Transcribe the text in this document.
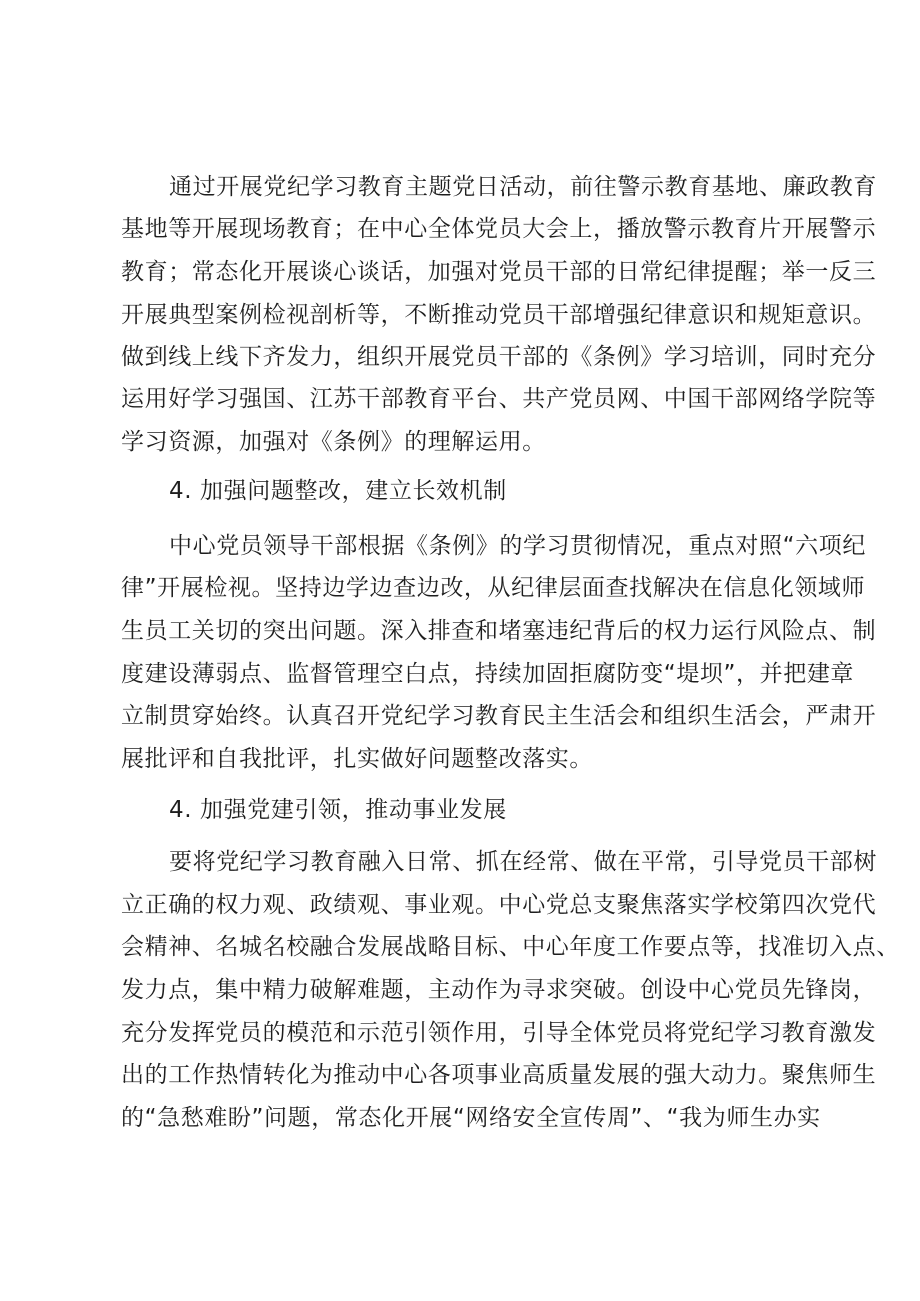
通过开展党纪学习教育主题党日活动，前往警示教育基地、廉政教育
基地等开展现场教育；在中心全体党员大会上，播放警示教育片开展警示
教育；常态化开展谈心谈话，加强对党员干部的日常纪律提醒；举一反三
开展典型案例检视剖析等，不断推动党员干部增强纪律意识和规矩意识。
做到线上线下齐发力，组织开展党员干部的《条例》学习培训，同时充分
运用好学习强国、江苏干部教育平台、共产党员网、中国干部网络学院等
学习资源，加强对《条例》的理解运用。
4. 加强问题整改，建立长效机制
中心党员领导干部根据《条例》的学习贯彻情况，重点对照“六项纪
律”开展检视。坚持边学边查边改，从纪律层面查找解决在信息化领域师
生员工关切的突出问题。深入排查和堵塞违纪背后的权力运行风险点、制
度建设薄弱点、监督管理空白点，持续加固拒腐防变“堤坝”，并把建章
立制贯穿始终。认真召开党纪学习教育民主生活会和组织生活会，严肃开
展批评和自我批评，扎实做好问题整改落实。
4. 加强党建引领，推动事业发展
要将党纪学习教育融入日常、抓在经常、做在平常，引导党员干部树
立正确的权力观、政绩观、事业观。中心党总支聚焦落实学校第四次党代
会精神、名城名校融合发展战略目标、中心年度工作要点等，找准切入点、
发力点，集中精力破解难题，主动作为寻求突破。创设中心党员先锋岗，
充分发挥党员的模范和示范引领作用，引导全体党员将党纪学习教育激发
出的工作热情转化为推动中心各项事业高质量发展的强大动力。聚焦师生
的“急愁难盼”问题，常态化开展“网络安全宣传周”、“我为师生办实
